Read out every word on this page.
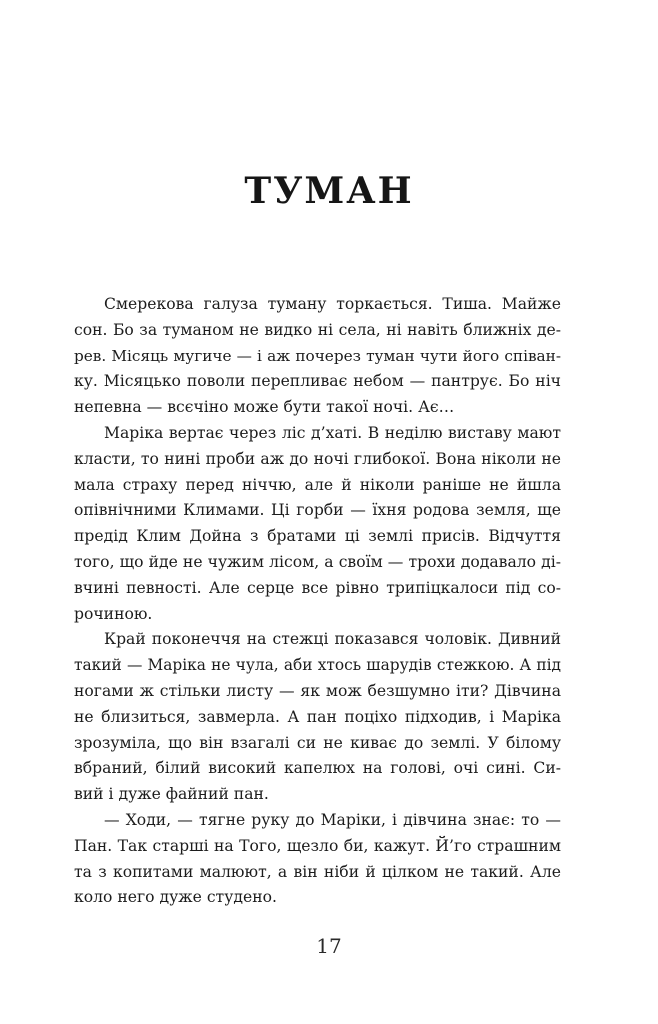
ТУМАН
Смерекова галуза туману торкається. Тиша. Майже
сон. Бо за туманом не видко ні села, ні навіть ближніх де-
рев. Місяць мугиче — і аж почерез туман чути його співан-
ку. Місяцько поволи перепливає небом — пантрує. Бо ніч
непевна — всєчіно може бути такої ночі. Ає…
Маріка вертає через ліс д’хаті. В неділю виставу мают
класти, то нині проби аж до ночі глибокої. Вона ніколи не
мала страху перед ніччю, але й ніколи раніше не йшла
опівнічними Климами. Ці горби — їхня родова земля, ще
предід Клим Дойна з братами ці землі присів. Відчуття
того, що йде не чужим лісом, а своїм — трохи додавало ді-
вчині певності. Але серце все рівно трипіцкалоси під со-
рочиною.
Край поконеччя на стежці показався чоловік. Дивний
такий — Маріка не чула, аби хтось шарудів стежкою. А під
ногами ж стільки листу — як мож безшумно іти? Дівчина
не близиться, завмерла. А пан поціхо підходив, і Маріка
зрозуміла, що він взагалі си не киває до землі. У білому
вбраний, білий високий капелюх на голові, очі сині. Си-
вий і дуже файний пан.
— Ходи, — тягне руку до Маріки, і дівчина знає: то —
Пан. Так старші на Того, щезло би, кажут. Й’го страшним
та з копитами малюют, а він ніби й цілком не такий. Але
коло него дуже студено.
17
